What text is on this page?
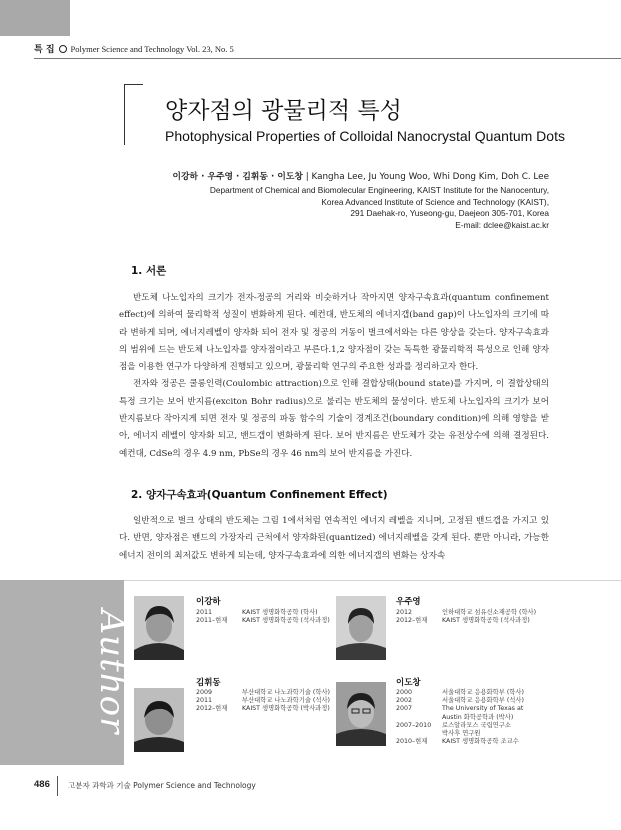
특 집 Polymer Science and Technology Vol. 23, No. 5
양자점의 광물리적 특성
Photophysical Properties of Colloidal Nanocrystal Quantum Dots
이강하 · 우주영 · 김휘동 · 이도창 | Kangha Lee, Ju Young Woo, Whi Dong Kim, Doh C. Lee
Department of Chemical and Biomolecular Engineering, KAIST Institute for the Nanocentury,
Korea Advanced Institute of Science and Technology (KAIST),
291 Daehak-ro, Yuseong-gu, Daejeon 305-701, Korea
E-mail: dclee@kaist.ac.kr
1. 서론

반도체 나노입자의 크기가 전자-정공의 거리와 비슷하거나 작아지면 양자구속효과(quantum confinement effect)에 의하여 물리학적 성질이 변화하게 된다. 예컨대, 반도체의 에너지갭(band gap)이 나노입자의 크기에 따라 변하게 되며, 에너지레벨이 양자화 되어 전자 및 정공의 거동이 벌크에서와는 다른 양상을 갖는다. 양자구속효과의 범위에 드는 반도체 나노입자를 양자점이라고 부른다.1,2 양자점이 갖는 독특한 광물리학적 특성으로 인해 양자점을 이용한 연구가 다양하게 진행되고 있으며, 광물리학 연구의 주요한 성과를 정리하고자 한다.

전자와 정공은 쿨롱인력(Coulombic attraction)으로 인해 결합상태(bound state)를 가지며, 이 결합상태의 특정 크기는 보어 반지름(exciton Bohr radius)으로 불리는 반도체의 물성이다. 반도체 나노입자의 크기가 보어 반지름보다 작아지게 되면 전자 및 정공의 파동 함수의 기술이 경계조건(boundary condition)에 의해 영향을 받아, 에너지 레벨이 양자화 되고, 밴드갭이 변화하게 된다. 보어 반지름은 반도체가 갖는 유전상수에 의해 결정된다. 예컨대, CdSe의 경우 4.9 nm, PbSe의 경우 46 nm의 보어 반지름을 가진다.

2. 양자구속효과(Quantum Confinement Effect)

일반적으로 벌크 상태의 반도체는 그림 1에서처럼 연속적인 에너지 레벨을 지니며, 고정된 밴드갭을 가지고 있다. 반면, 양자점은 밴드의 가장자리 근처에서 양자화된(quantized) 에너지레벨을 갖게 된다. 뿐만 아니라, 가능한 에너지 전이의 최저값도 변하게 되는데, 양자구속효과에 의한 에너지갭의 변화는 상자속

Author
이강하
2011	KAIST 생명화학공학 (학사)
2011–현재	KAIST 생명화학공학 (석사과정)
우주영
2012	인하대학교 섬유신소재공학 (학사)
2012–현재	KAIST 생명화학공학 (석사과정)
김휘동
2009	부산대학교 나노과학기술 (학사)
2011	부산대학교 나노과학기술 (석사)
2012–현재	KAIST 생명화학공학 (박사과정)
이도창
2000	서울대학교 응용화학부 (학사)
2002	서울대학교 응용화학부 (석사)
2007	The University of Texas at
	Austin 화학공학과 (박사)
2007–2010	로스알라모스 국립연구소
	박사후 연구원
2010–현재	KAIST 생명화학공학 조교수
486 고분자 과학과 기술 Polymer Science and Technology
